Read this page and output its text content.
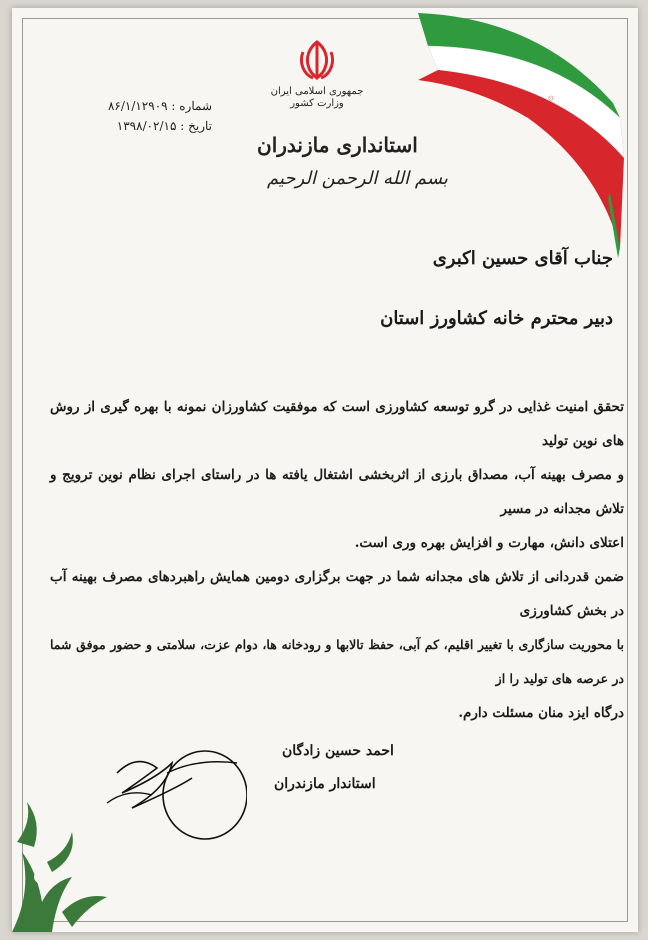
۞
جمهوری اسلامی ایران
وزارت کشور
استانداری مازندران
بسم الله الرحمن الرحیم
شماره : ۸۶/۱/۱۲۹۰۹
تاریخ : ۱۳۹۸/۰۲/۱۵
جناب آقای حسین اکبری
دبیر محترم خانه کشاورز استان

تحقق امنیت غذایی در گرو توسعه کشاورزی است که موفقیت کشاورزان نمونه با بهره گیری از روش های نوین تولید

و مصرف بهینه آب، مصداق بارزی از اثربخشی اشتغال یافته ها در راستای اجرای نظام نوین ترویج و تلاش مجدانه در مسیر

اعتلای دانش، مهارت و افزایش بهره وری است.

ضمن قدردانی از تلاش های مجدانه شما در جهت برگزاری دومین همایش راهبردهای مصرف بهینه آب در بخش کشاورزی

با محوریت سازگاری با تغییر اقلیم، کم آبی، حفظ تالابها و رودخانه ها، دوام عزت، سلامتی و حضور موفق شما در عرصه های تولید را از

درگاه ایزد منان مسئلت دارم.

احمد حسین زادگان
استاندار مازندران
